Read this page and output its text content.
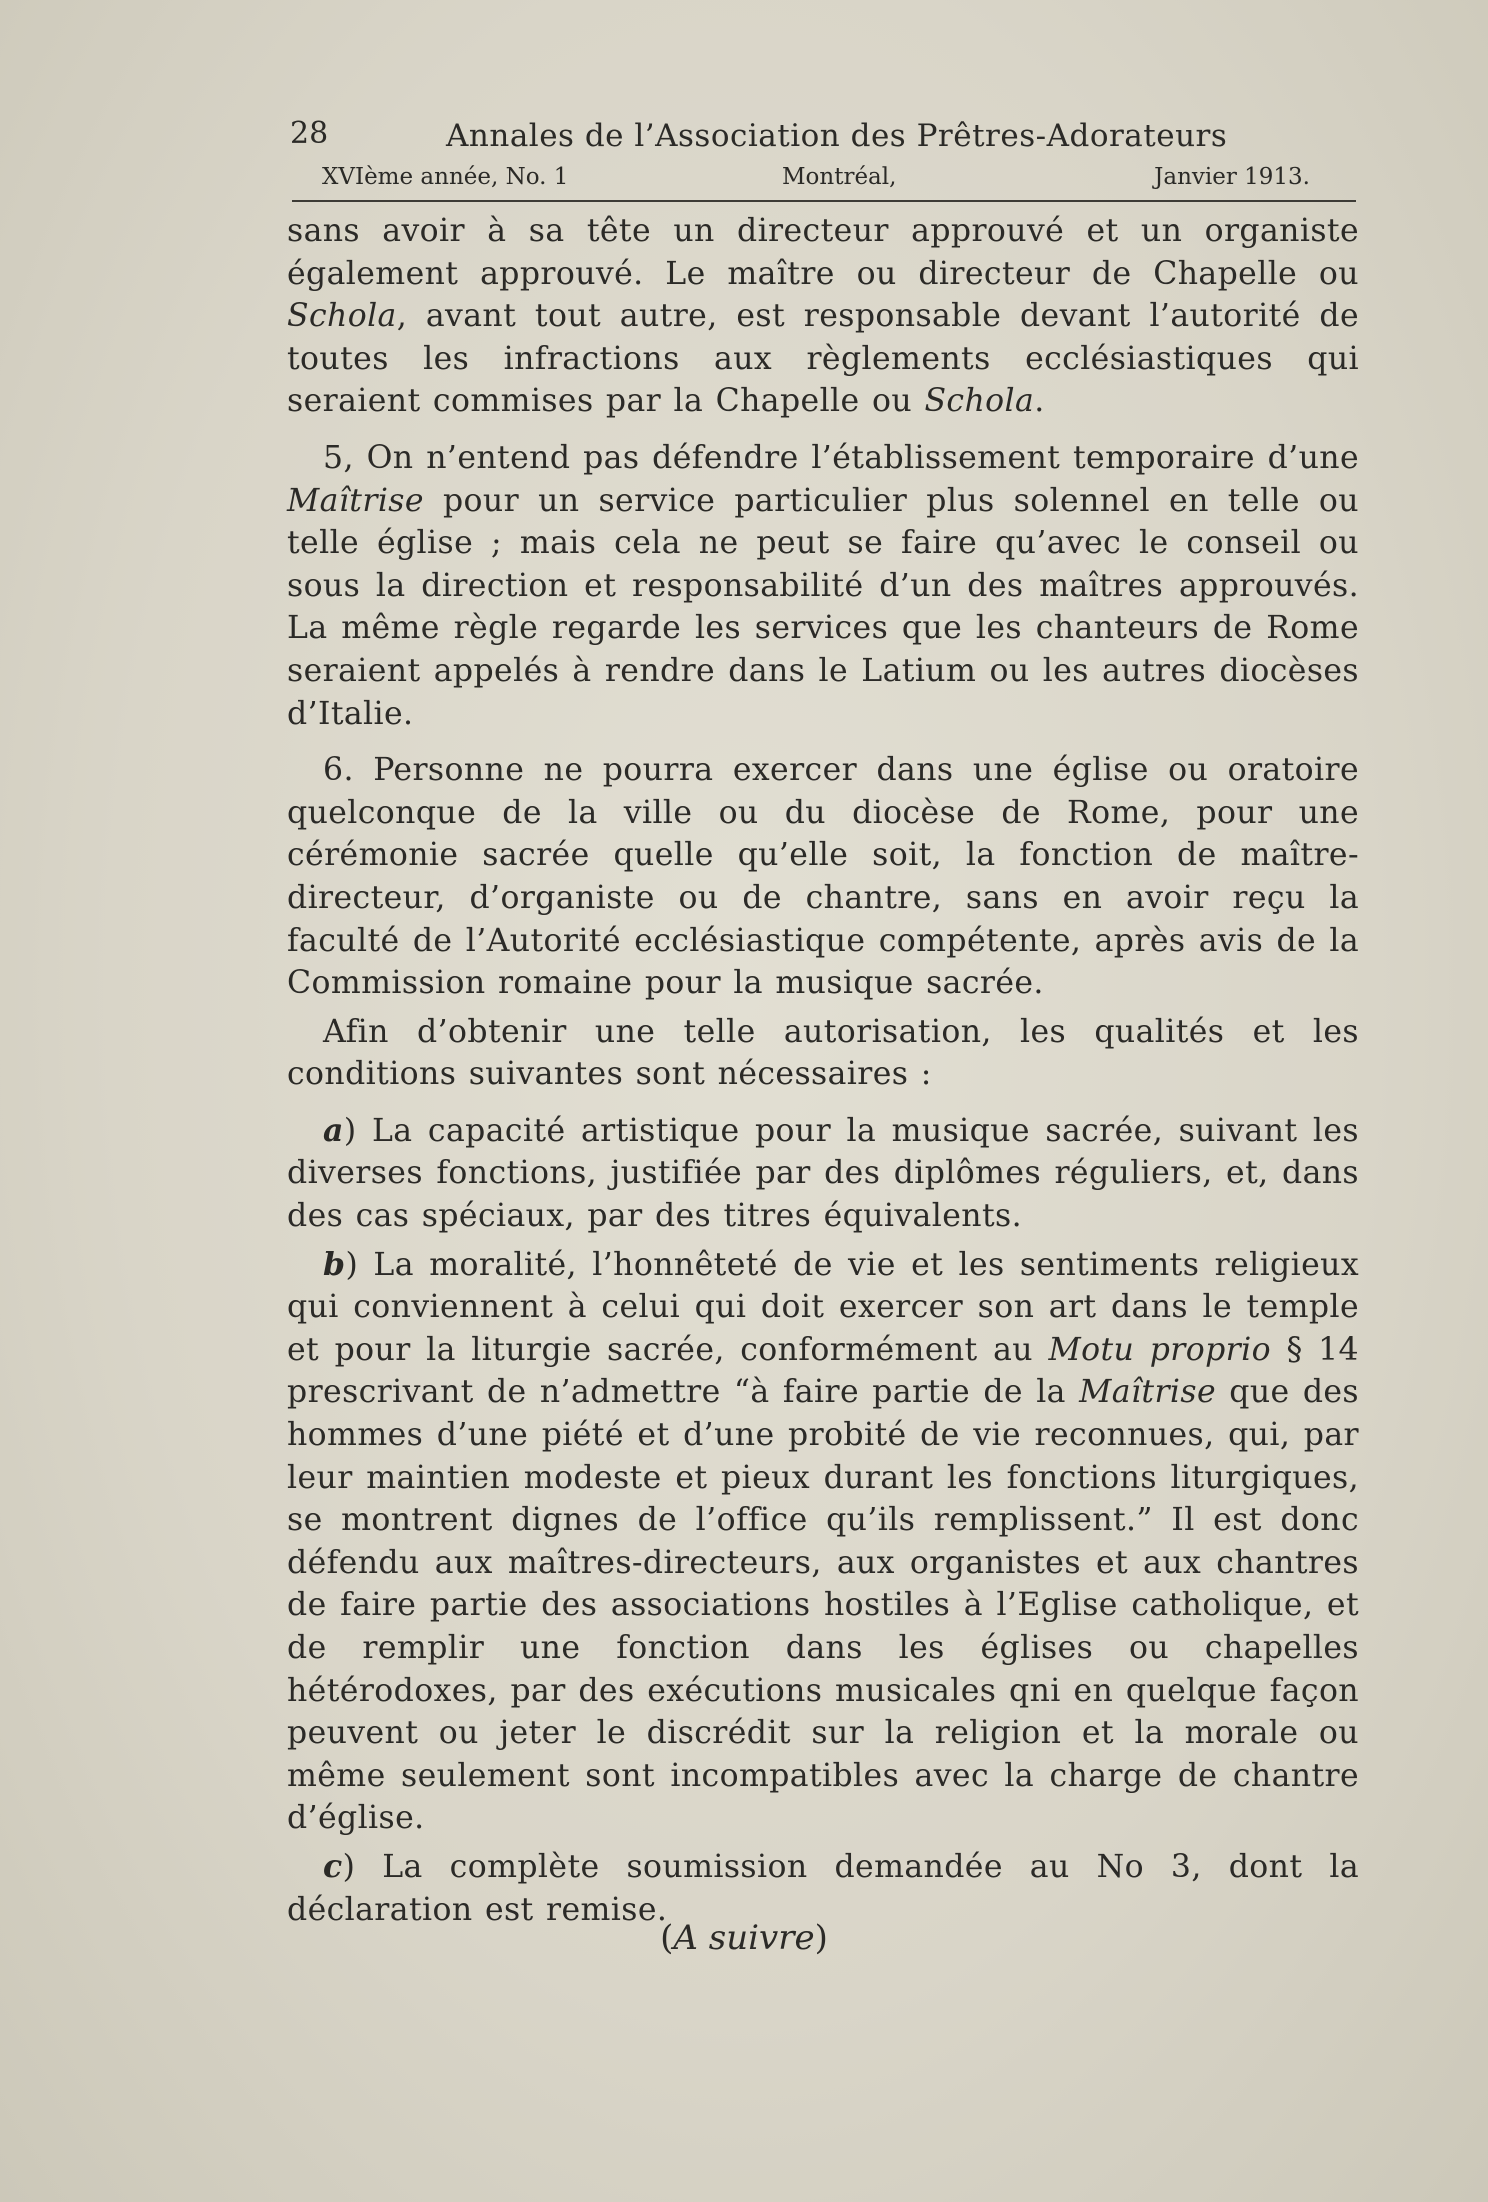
28	Annales de l’Association des Prêtres-Adorateurs
XVIème année, No. 1	Montréal,	Janvier 1913.

sans avoir à sa tête un directeur approuvé et un organiste également approuvé. Le maître ou directeur de Chapelle ou Schola, avant tout autre, est responsable devant l’autorité de toutes les infractions aux règlements ecclésiastiques qui seraient commises par la Chapelle ou Schola.

5, On n’entend pas défendre l’établissement temporaire d’une Maîtrise pour un service particulier plus solennel en telle ou telle église ; mais cela ne peut se faire qu’avec le conseil ou sous la direction et responsabilité d’un des maîtres approuvés. La même règle regarde les services que les chanteurs de Rome seraient appelés à rendre dans le Latium ou les autres diocèses d’Italie.

6. Personne ne pourra exercer dans une église ou oratoire quelconque de la ville ou du diocèse de Rome, pour une cérémonie sacrée quelle qu’elle soit, la fonction de maître-directeur, d’organiste ou de chantre, sans en avoir reçu la faculté de l’Autorité ecclésiastique compétente, après avis de la Commission romaine pour la musique sacrée.

Afin d’obtenir une telle autorisation, les qualités et les conditions suivantes sont nécessaires :

a) La capacité artistique pour la musique sacrée, suivant les diverses fonctions, justifiée par des diplômes réguliers, et, dans des cas spéciaux, par des titres équivalents.

b) La moralité, l’honnêteté de vie et les sentiments religieux qui conviennent à celui qui doit exercer son art dans le temple et pour la liturgie sacrée, conformément au Motu proprio § 14 prescrivant de n’admettre “à faire partie de la Maîtrise que des hommes d’une piété et d’une probité de vie reconnues, qui, par leur maintien modeste et pieux durant les fonctions liturgiques, se montrent dignes de l’office qu’ils remplissent.” Il est donc défendu aux maîtres-directeurs, aux organistes et aux chantres de faire partie des associations hostiles à l’Eglise catholique, et de remplir une fonction dans les églises ou chapelles hétérodoxes, par des exécutions musicales qni en quelque façon peuvent ou jeter le discrédit sur la religion et la morale ou même seulement sont incompatibles avec la charge de chantre d’église.

c) La complète soumission demandée au No 3, dont la déclaration est remise.

(A suivre)
